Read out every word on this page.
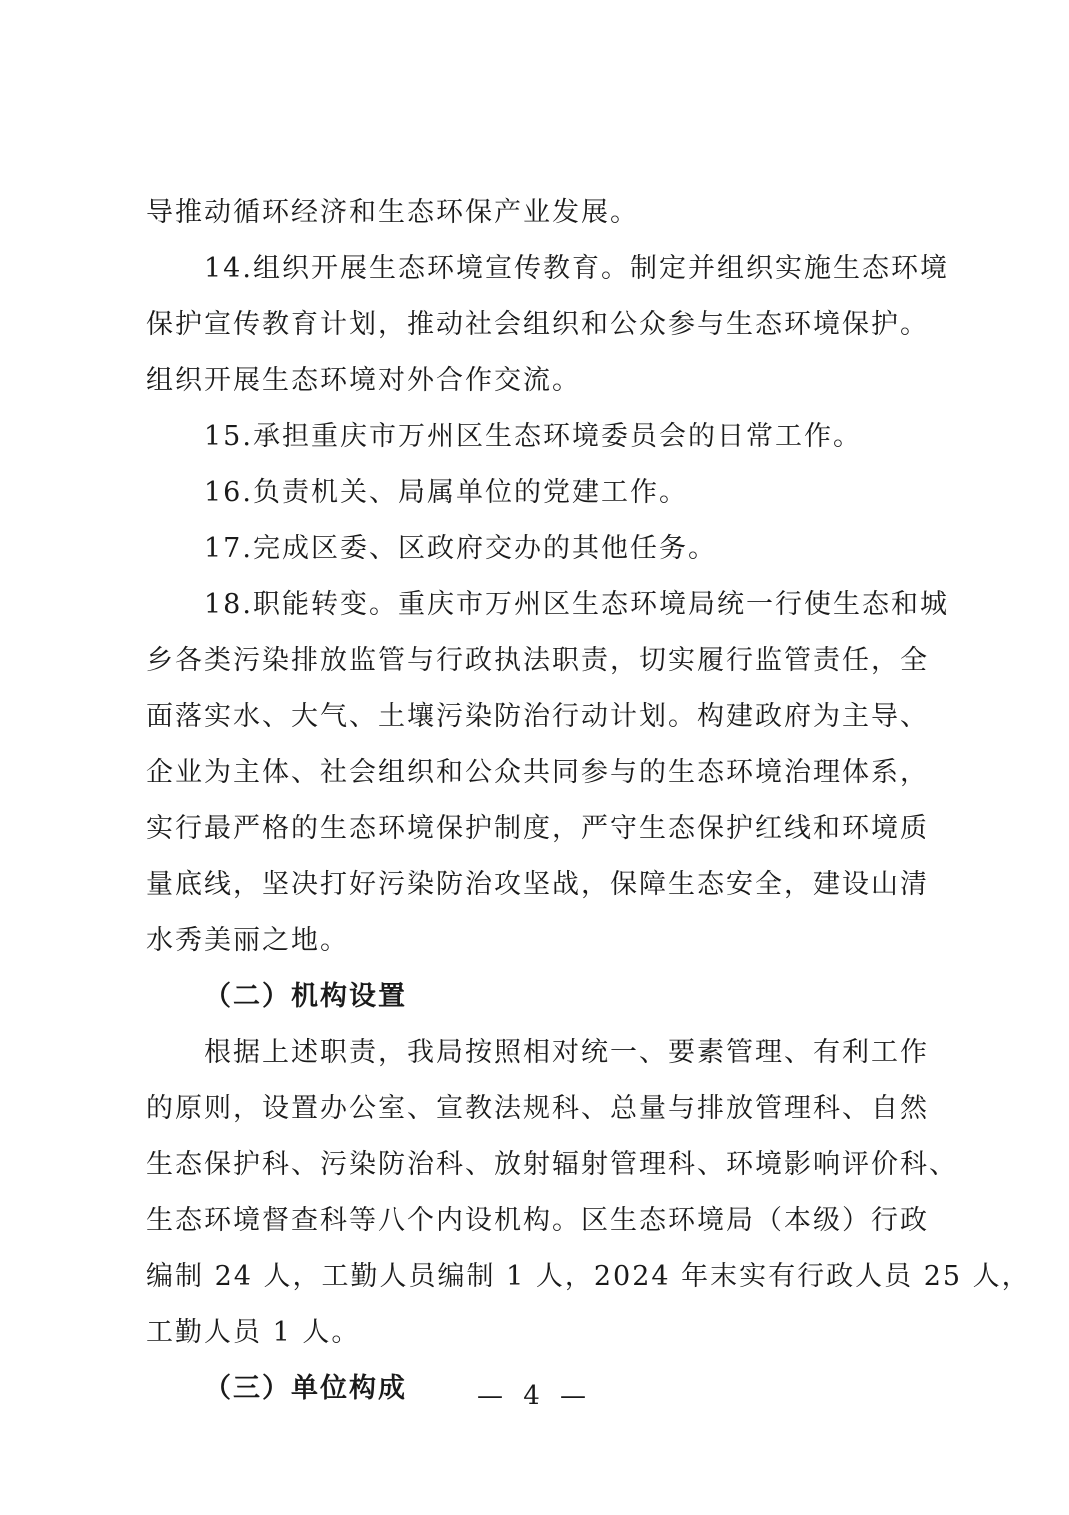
导推动循环经济和生态环保产业发展。
14.组织开展生态环境宣传教育。制定并组织实施生态环境
保护宣传教育计划，推动社会组织和公众参与生态环境保护。
组织开展生态环境对外合作交流。
15.承担重庆市万州区生态环境委员会的日常工作。
16.负责机关、局属单位的党建工作。
17.完成区委、区政府交办的其他任务。
18.职能转变。重庆市万州区生态环境局统一行使生态和城
乡各类污染排放监管与行政执法职责，切实履行监管责任，全
面落实水、大气、土壤污染防治行动计划。构建政府为主导、
企业为主体、社会组织和公众共同参与的生态环境治理体系，
实行最严格的生态环境保护制度，严守生态保护红线和环境质
量底线，坚决打好污染防治攻坚战，保障生态安全，建设山清
水秀美丽之地。
（二）机构设置
根据上述职责，我局按照相对统一、要素管理、有利工作
的原则，设置办公室、宣教法规科、总量与排放管理科、自然
生态保护科、污染防治科、放射辐射管理科、环境影响评价科、
生态环境督查科等八个内设机构。区生态环境局（本级）行政
编制 24 人，工勤人员编制 1 人，2024 年末实有行政人员 25 人，
工勤人员 1 人。
（三）单位构成	— 4 —
